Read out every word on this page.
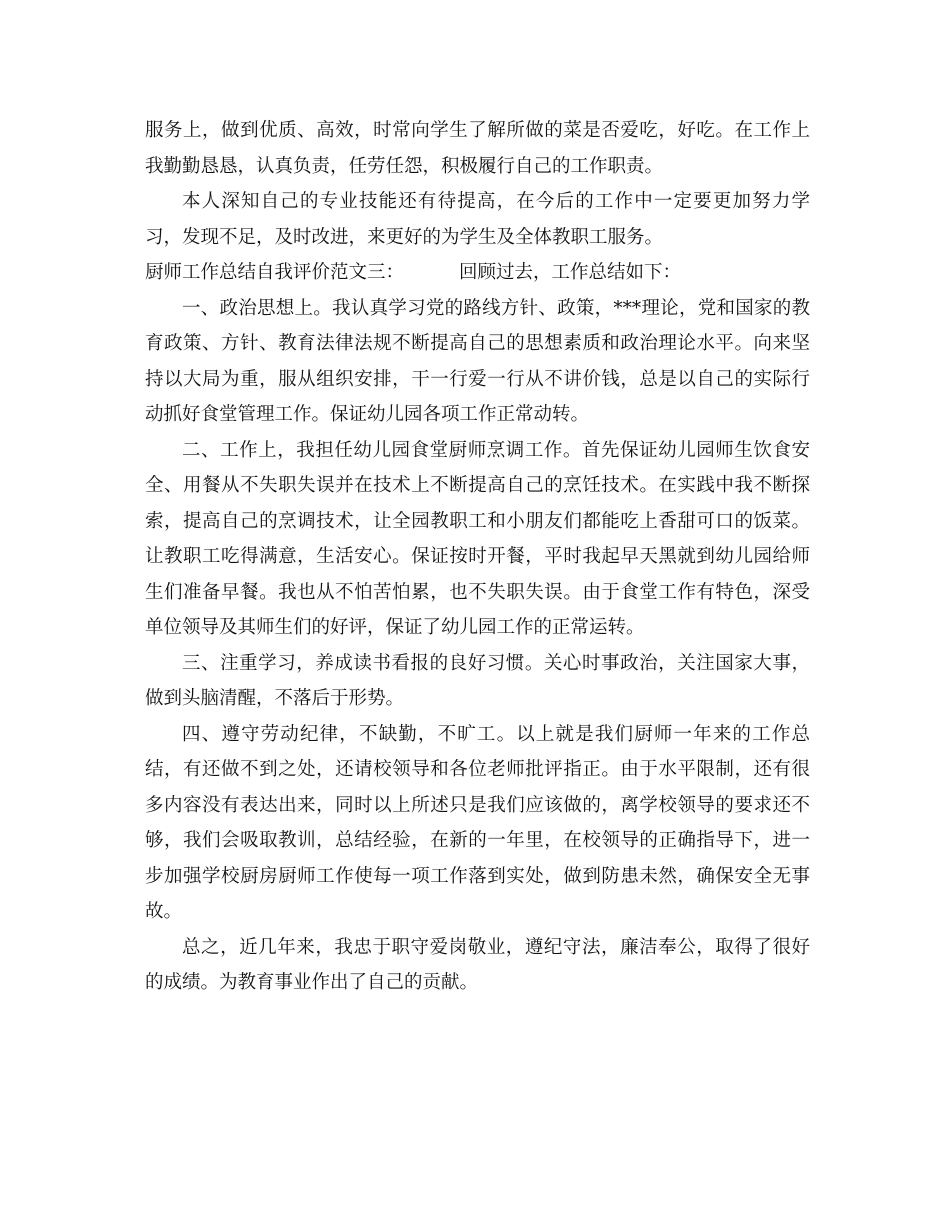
服务上，做到优质、高效，时常向学生了解所做的菜是否爱吃，好吃。在工作上我勤勤恳恳，认真负责，任劳任怨，积极履行自己的工作职责。

本人深知自己的专业技能还有待提高，在今后的工作中一定要更加努力学习，发现不足，及时改进，来更好的为学生及全体教职工服务。

厨师工作总结自我评价范文三：	回顾过去，工作总结如下：

一、政治思想上。我认真学习党的路线方针、政策，***理论，党和国家的教育政策、方针、教育法律法规不断提高自己的思想素质和政治理论水平。向来坚持以大局为重，服从组织安排，干一行爱一行从不讲价钱，总是以自己的实际行动抓好食堂管理工作。保证幼儿园各项工作正常动转。

二、工作上，我担任幼儿园食堂厨师烹调工作。首先保证幼儿园师生饮食安全、用餐从不失职失误并在技术上不断提高自己的烹饪技术。在实践中我不断探索，提高自己的烹调技术，让全园教职工和小朋友们都能吃上香甜可口的饭菜。让教职工吃得满意，生活安心。保证按时开餐，平时我起早天黑就到幼儿园给师生们准备早餐。我也从不怕苦怕累，也不失职失误。由于食堂工作有特色，深受单位领导及其师生们的好评，保证了幼儿园工作的正常运转。

三、注重学习，养成读书看报的良好习惯。关心时事政治，关注国家大事，做到头脑清醒，不落后于形势。

四、遵守劳动纪律，不缺勤，不旷工。以上就是我们厨师一年来的工作总结，有还做不到之处，还请校领导和各位老师批评指正。由于水平限制，还有很多内容没有表达出来，同时以上所述只是我们应该做的，离学校领导的要求还不够，我们会吸取教训，总结经验，在新的一年里，在校领导的正确指导下，进一步加强学校厨房厨师工作使每一项工作落到实处，做到防患未然，确保安全无事故。

总之，近几年来，我忠于职守爱岗敬业，遵纪守法，廉洁奉公，取得了很好的成绩。为教育事业作出了自己的贡献。
